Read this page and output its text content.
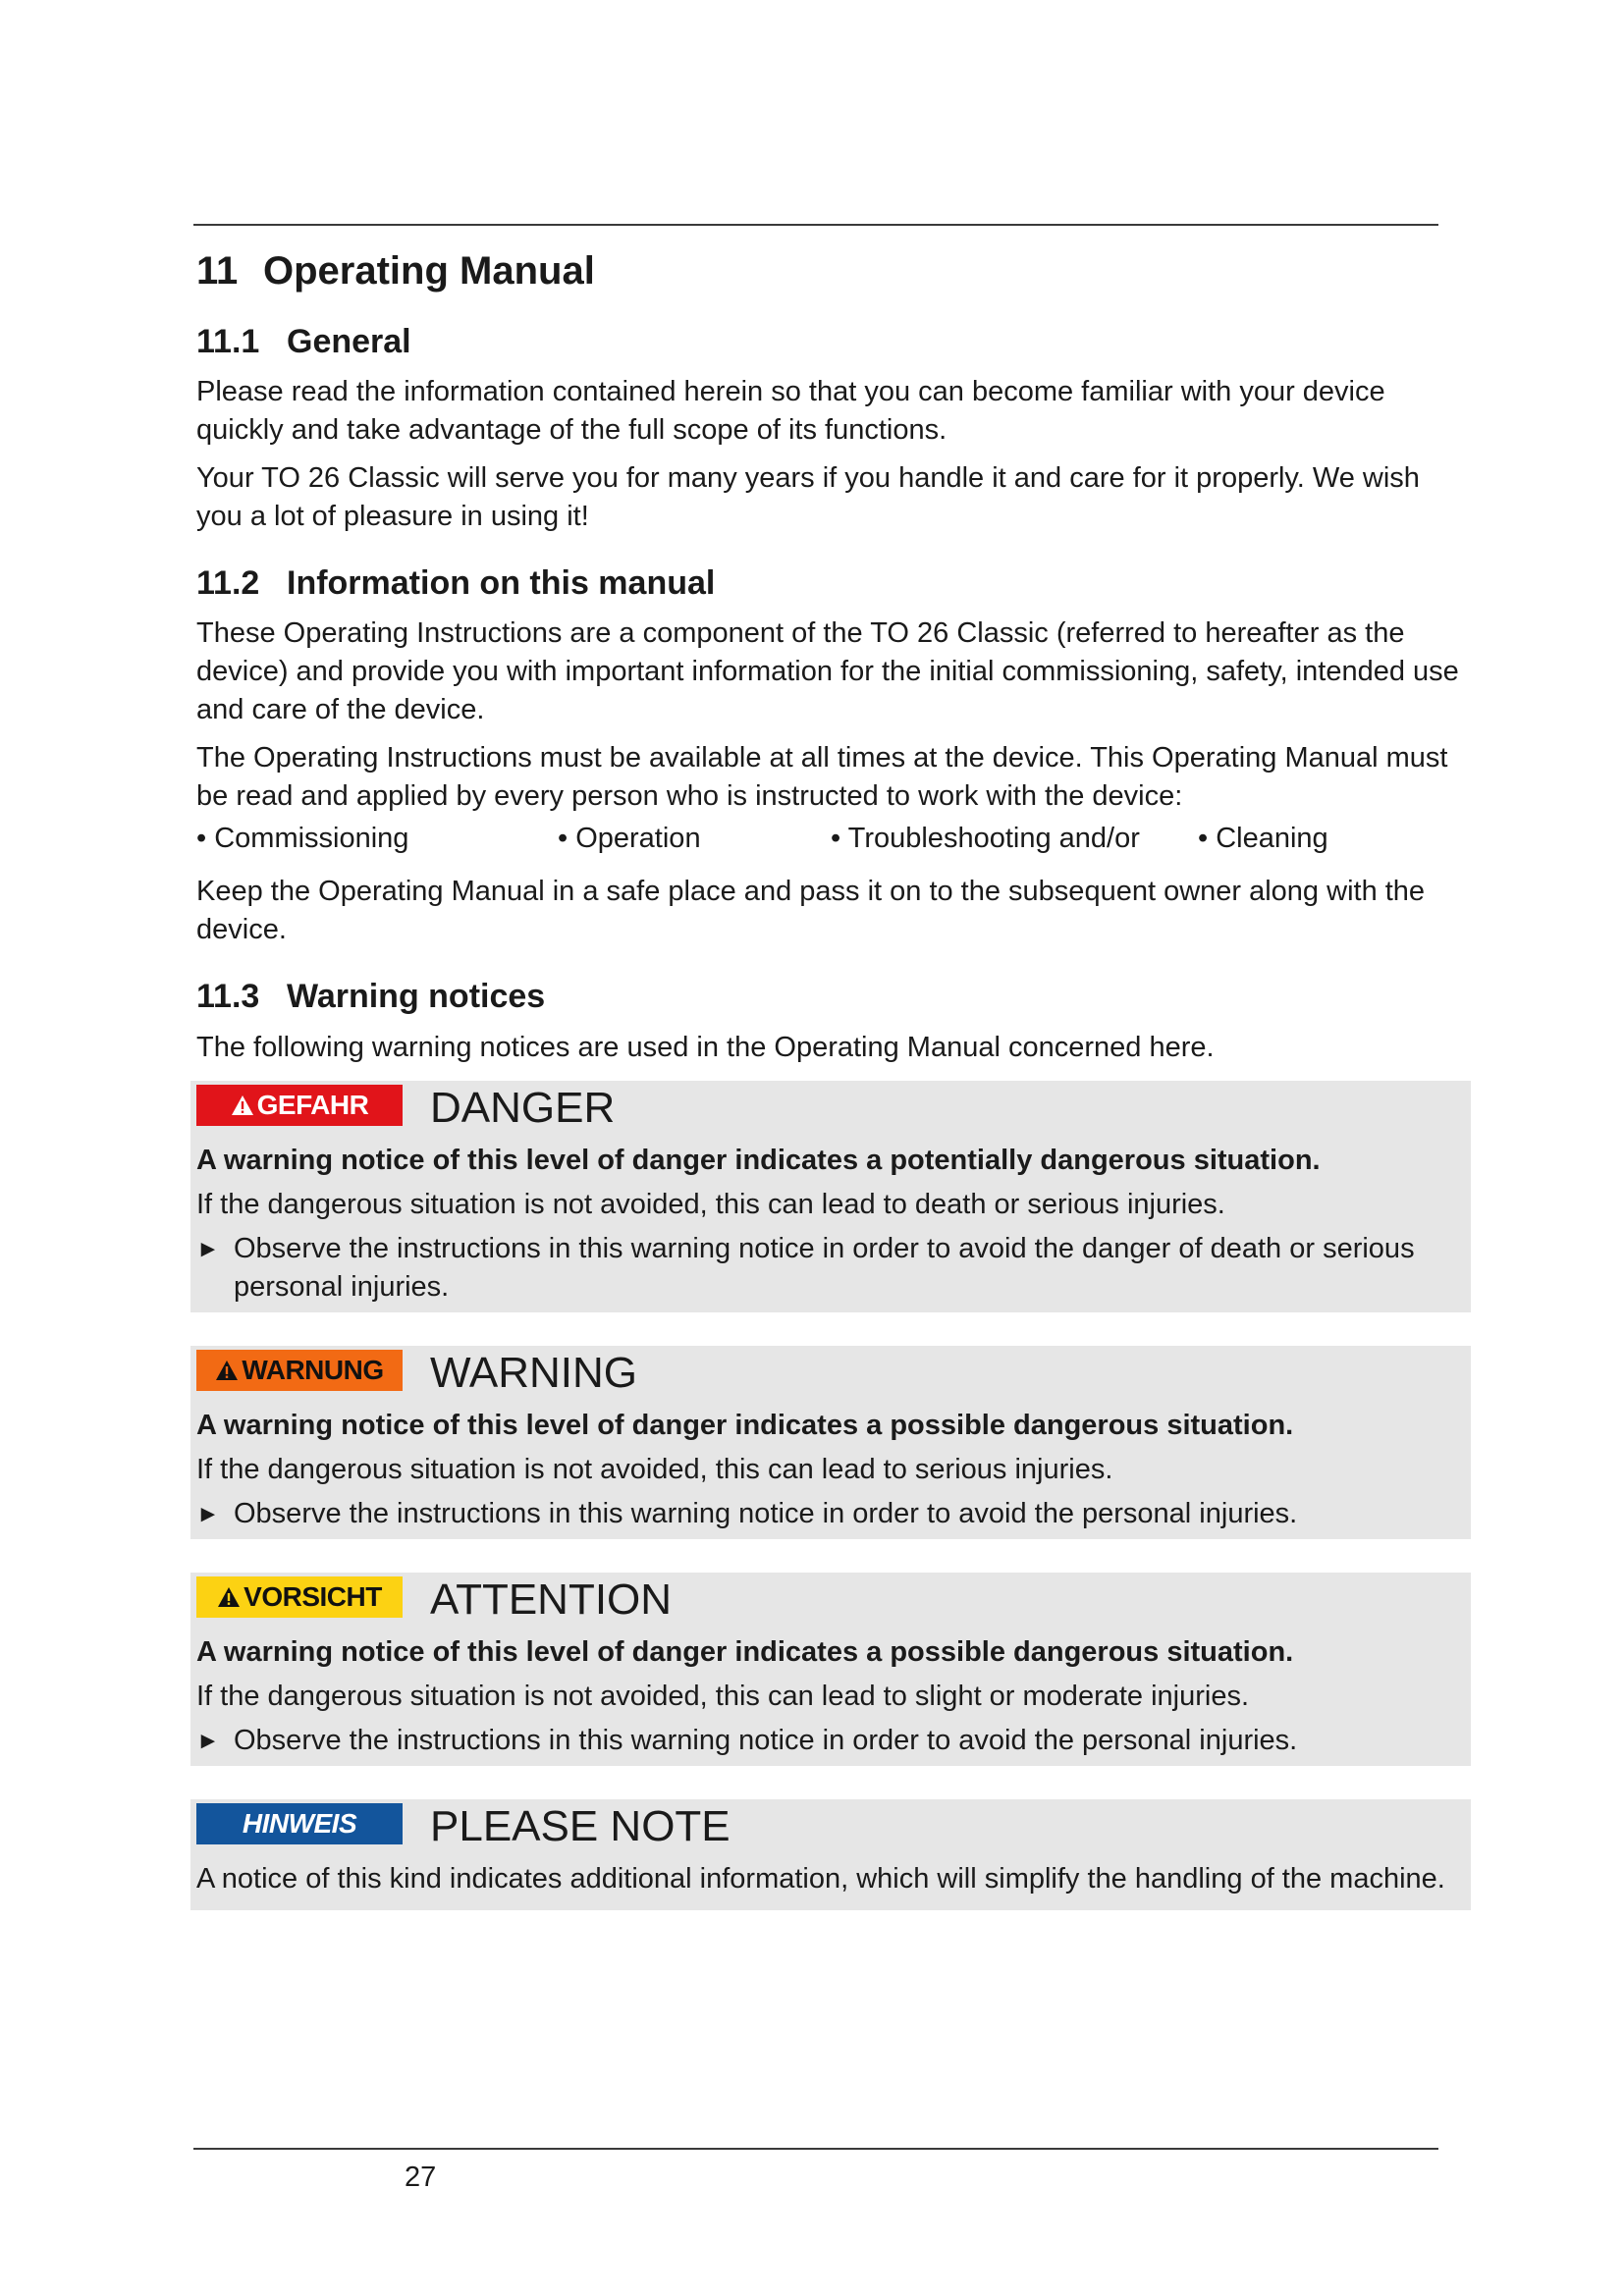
11 Operating Manual
11.1 General

Please read the information contained herein so that you can become familiar with your device quickly and take advantage of the full scope of its functions.

Your TO 26 Classic will serve you for many years if you handle it and care for it properly. We wish you a lot of pleasure in using it!

11.2 Information on this manual

These Operating Instructions are a component of the TO 26 Classic (referred to hereafter as the device) and provide you with important information for the initial commissioning, safety, intended use and care of the device.

The Operating Instructions must be available at all times at the device. This Operating Manual must be read and applied by every person who is instructed to work with the device:

• Commissioning	• Operation	• Troubleshooting and/or • Cleaning

Keep the Operating Manual in a safe place and pass it on to the subsequent owner along with the device.

11.3 Warning notices

The following warning notices are used in the Operating Manual concerned here.

GEFAHR DANGER

A warning notice of this level of danger indicates a potentially dangerous situation.

If the dangerous situation is not avoided, this can lead to death or serious injuries.

► Observe the instructions in this warning notice in order to avoid the danger of death or serious personal injuries.
WARNUNG WARNING

A warning notice of this level of danger indicates a possible dangerous situation.

If the dangerous situation is not avoided, this can lead to serious injuries.

► Observe the instructions in this warning notice in order to avoid the personal injuries.
VORSICHT ATTENTION

A warning notice of this level of danger indicates a possible dangerous situation.

If the dangerous situation is not avoided, this can lead to slight or moderate injuries.

► Observe the instructions in this warning notice in order to avoid the personal injuries.
HINWEIS PLEASE NOTE

A notice of this kind indicates additional information, which will simplify the handling of the machine.

27
